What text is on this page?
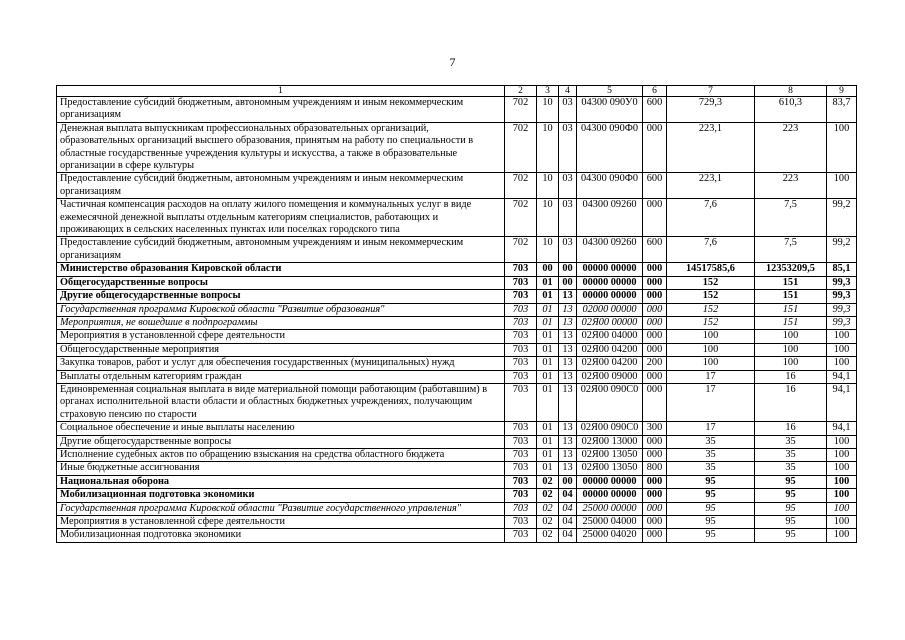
7
1	2	3	4	5	6	7	8	9
Предоставление субсидий бюджетным, автономным учреждениям и иным некоммерческим организациям	702	10	03	04300 090У0	600	729,3	610,3	83,7
Денежная выплата выпускникам профессиональных образовательных организаций, образовательных организаций высшего образования, принятым на работу по специальности в областные государственные учреждения культуры и искусства, а также в образовательные организации в сфере культуры	702	10	03	04300 090Ф0	000	223,1	223	100
Предоставление субсидий бюджетным, автономным учреждениям и иным некоммерческим организациям	702	10	03	04300 090Ф0	600	223,1	223	100
Частичная компенсация расходов на оплату жилого помещения и коммунальных услуг в виде ежемесячной денежной выплаты отдельным категориям специалистов, работающих и проживающих в сельских населенных пунктах или поселках городского типа	702	10	03	04300 09260	000	7,6	7,5	99,2
Предоставление субсидий бюджетным, автономным учреждениям и иным некоммерческим организациям	702	10	03	04300 09260	600	7,6	7,5	99,2
Министерство образования Кировской области	703	00	00	00000 00000	000	14517585,6	12353209,5	85,1
Общегосударственные вопросы	703	01	00	00000 00000	000	152	151	99,3
Другие общегосударственные вопросы	703	01	13	00000 00000	000	152	151	99,3
Государственная программа Кировской области "Развитие образования"	703	01	13	02000 00000	000	152	151	99,3
Мероприятия, не вошедшие в подпрограммы	703	01	13	02Я00 00000	000	152	151	99,3
Мероприятия в установленной сфере деятельности	703	01	13	02Я00 04000	000	100	100	100
Общегосударственные мероприятия	703	01	13	02Я00 04200	000	100	100	100
Закупка товаров, работ и услуг для обеспечения государственных (муниципальных) нужд	703	01	13	02Я00 04200	200	100	100	100
Выплаты отдельным категориям граждан	703	01	13	02Я00 09000	000	17	16	94,1
Единовременная социальная выплата в виде материальной помощи работающим (работавшим) в органах исполнительной власти области и областных бюджетных учреждениях, получающим страховую пенсию по старости	703	01	13	02Я00 090С0	000	17	16	94,1
Социальное обеспечение и иные выплаты населению	703	01	13	02Я00 090С0	300	17	16	94,1
Другие общегосударственные вопросы	703	01	13	02Я00 13000	000	35	35	100
Исполнение судебных актов по обращению взыскания на средства областного бюджета	703	01	13	02Я00 13050	000	35	35	100
Иные бюджетные ассигнования	703	01	13	02Я00 13050	800	35	35	100
Национальная оборона	703	02	00	00000 00000	000	95	95	100
Мобилизационная подготовка экономики	703	02	04	00000 00000	000	95	95	100
Государственная программа Кировской области "Развитие государственного управления"	703	02	04	25000 00000	000	95	95	100
Мероприятия в установленной сфере деятельности	703	02	04	25000 04000	000	95	95	100
Мобилизационная подготовка экономики	703	02	04	25000 04020	000	95	95	100
